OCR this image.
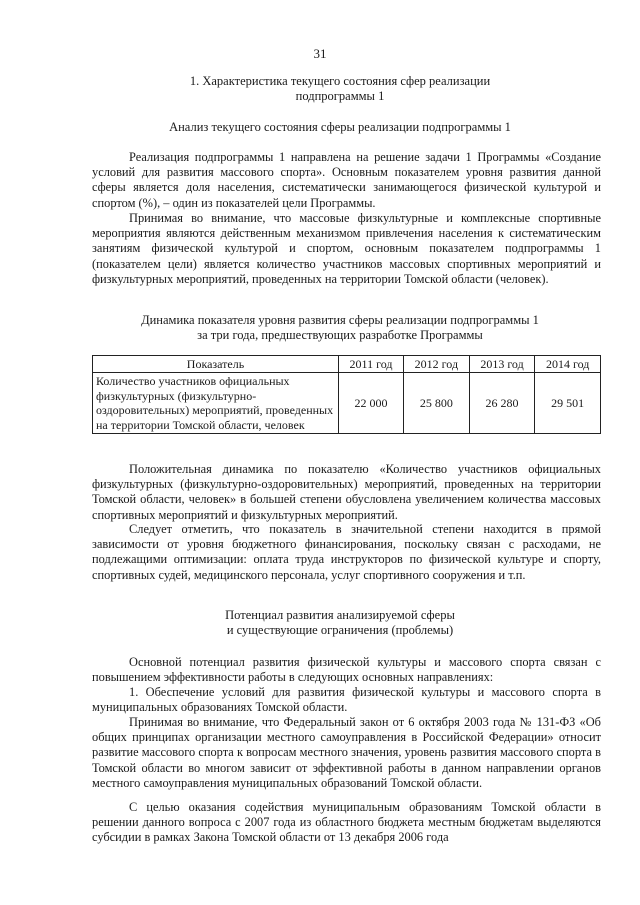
31
1. Характеристика текущего состояния сфер реализации
подпрограммы 1
Анализ текущего состояния сферы реализации подпрограммы 1

Реализация подпрограммы 1 направлена на решение задачи 1 Программы «Создание условий для развития массового спорта». Основным показателем уровня развития данной сферы является доля населения, систематически занимающегося физической культурой и спортом (%), – один из показателей цели Программы.

Принимая во внимание, что массовые физкультурные и комплексные спортивные мероприятия являются действенным механизмом привлечения населения к систематическим занятиям физической культурой и спортом, основным показателем подпрограммы 1 (показателем цели) является количество участников массовых спортивных мероприятий и физкультурных мероприятий, проведенных на территории Томской области (человек).

Динамика показателя уровня развития сферы реализации подпрограммы 1
за три года, предшествующих разработке Программы
Показатель	2011 год	2012 год	2013 год	2014 год
Количество участников официальных физкультурных (физкультурно-оздоровительных) мероприятий, проведенных на территории Томской области, человек	22 000	25 800	26 280	29 501

Положительная динамика по показателю «Количество участников официальных физкультурных (физкультурно-оздоровительных) мероприятий, проведенных на территории Томской области, человек» в большей степени обусловлена увеличением количества массовых спортивных мероприятий и физкультурных мероприятий.

Следует отметить, что показатель в значительной степени находится в прямой зависимости от уровня бюджетного финансирования, поскольку связан с расходами, не подлежащими оптимизации: оплата труда инструкторов по физической культуре и спорту, спортивных судей, медицинского персонала, услуг спортивного сооружения и т.п.

Потенциал развития анализируемой сферы
и существующие ограничения (проблемы)

Основной потенциал развития физической культуры и массового спорта связан с повышением эффективности работы в следующих основных направлениях:

1. Обеспечение условий для развития физической культуры и массового спорта в муниципальных образованиях Томской области.

Принимая во внимание, что Федеральный закон от 6 октября 2003 года № 131-ФЗ «Об общих принципах организации местного самоуправления в Российской Федерации» относит развитие массового спорта к вопросам местного значения, уровень развития массового спорта в Томской области во многом зависит от эффективной работы в данном направлении органов местного самоуправления муниципальных образований Томской области.

С целью оказания содействия муниципальным образованиям Томской области в решении данного вопроса с 2007 года из областного бюджета местным бюджетам выделяются субсидии в рамках Закона Томской области от 13 декабря 2006 года
